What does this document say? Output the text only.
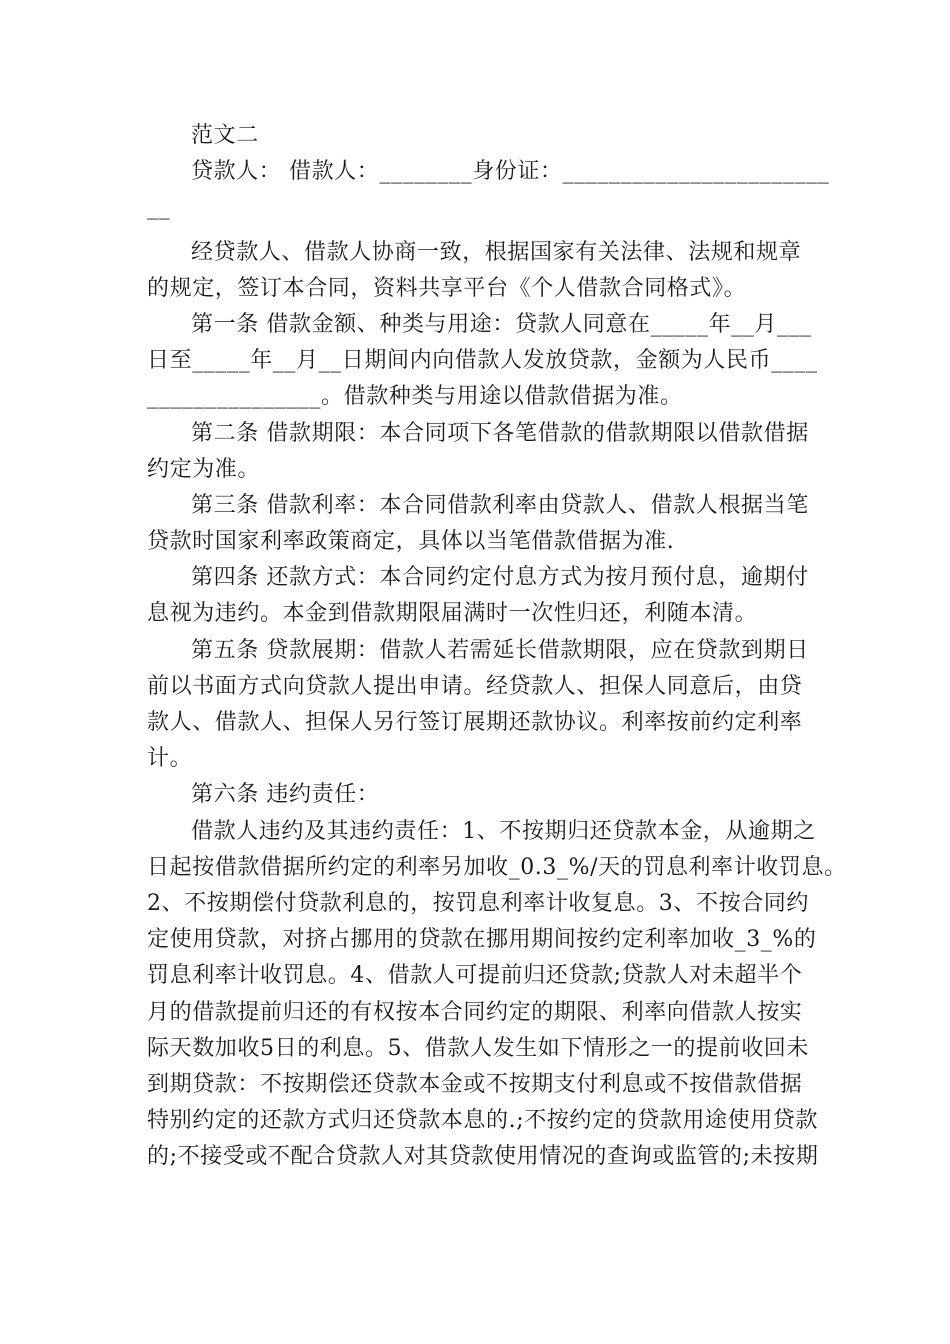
范文二
贷款人： 借款人：________身份证：_______________________
__
经贷款人、借款人协商一致，根据国家有关法律、法规和规章
的规定，签订本合同，资料共享平台《个人借款合同格式》。
第一条 借款金额、种类与用途：贷款人同意在_____年__月___
日至_____年__月__日期间内向借款人发放贷款，金额为人民币____
_______________。借款种类与用途以借款借据为准。
第二条 借款期限：本合同项下各笔借款的借款期限以借款借据
约定为准。
第三条 借款利率：本合同借款利率由贷款人、借款人根据当笔
贷款时国家利率政策商定，具体以当笔借款借据为准.
第四条 还款方式：本合同约定付息方式为按月预付息，逾期付
息视为违约。本金到借款期限届满时一次性归还，利随本清。
第五条 贷款展期：借款人若需延长借款期限，应在贷款到期日
前以书面方式向贷款人提出申请。经贷款人、担保人同意后，由贷
款人、借款人、担保人另行签订展期还款协议。利率按前约定利率
计。
第六条 违约责任：
借款人违约及其违约责任：1、不按期归还贷款本金，从逾期之
日起按借款借据所约定的利率另加收_0.3_%/天的罚息利率计收罚息。
2、不按期偿付贷款利息的，按罚息利率计收复息。3、不按合同约
定使用贷款，对挤占挪用的贷款在挪用期间按约定利率加收_3_%的
罚息利率计收罚息。4、借款人可提前归还贷款;贷款人对未超半个
月的借款提前归还的有权按本合同约定的期限、利率向借款人按实
际天数加收5日的利息。5、借款人发生如下情形之一的提前收回未
到期贷款：不按期偿还贷款本金或不按期支付利息或不按借款借据
特别约定的还款方式归还贷款本息的.;不按约定的贷款用途使用贷款
的;不接受或不配合贷款人对其贷款使用情况的查询或监管的;未按期
